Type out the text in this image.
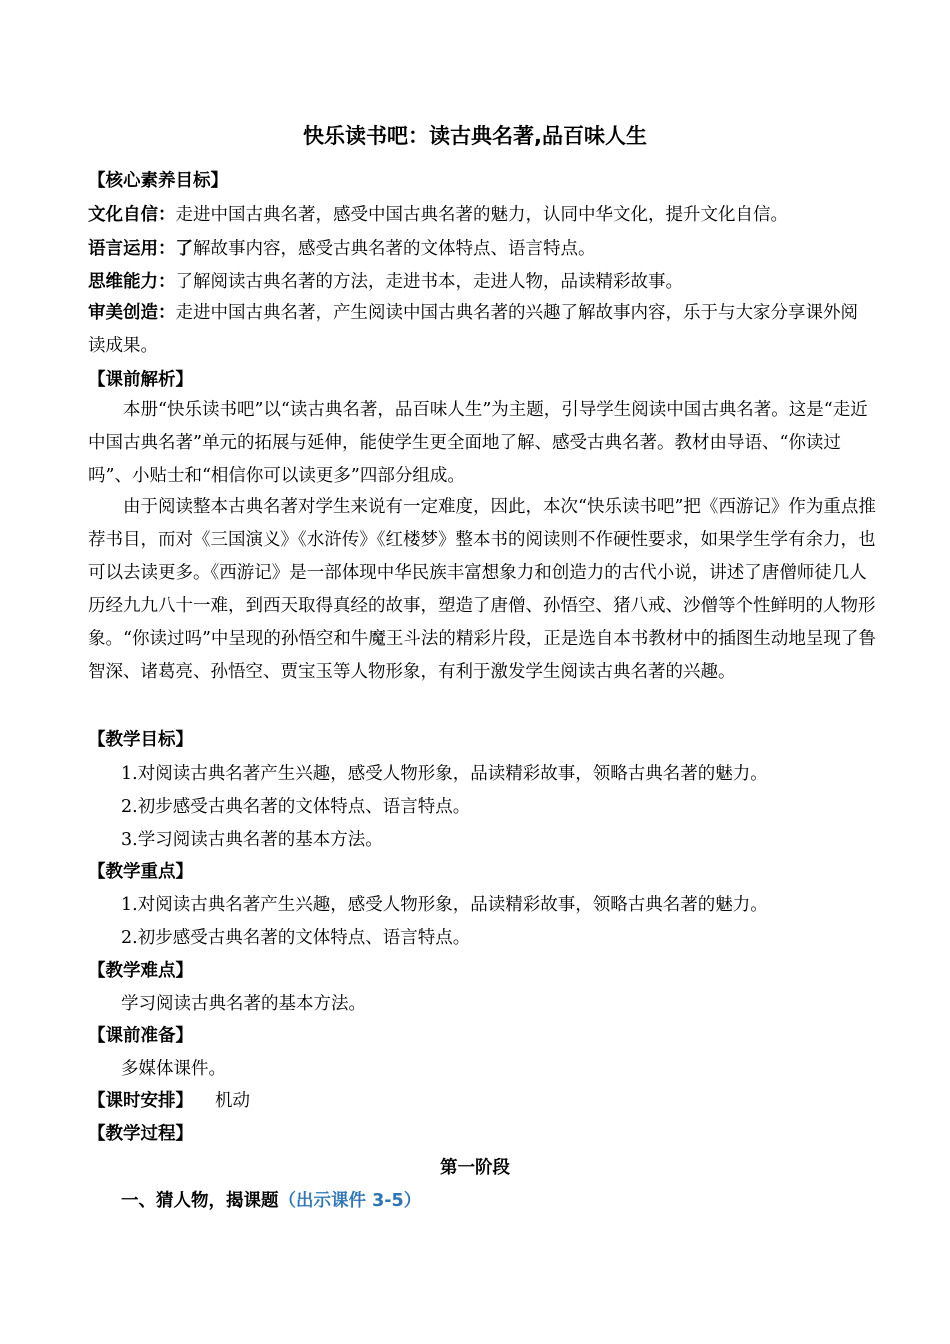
快乐读书吧：读古典名著,品百味人生
【核心素养目标】
文化自信：走进中国古典名著，感受中国古典名著的魅力，认同中华文化，提升文化自信。
语言运用：了解故事内容，感受古典名著的文体特点、语言特点。
思维能力：了解阅读古典名著的方法，走进书本，走进人物，品读精彩故事。
审美创造：走进中国古典名著，产生阅读中国古典名著的兴趣了解故事内容，乐于与大家分享课外阅读成果。
【课前解析】
本册“快乐读书吧”以“读古典名著，品百味人生”为主题，引导学生阅读中国古典名著。这是“走近中国古典名著”单元的拓展与延伸，能使学生更全面地了解、感受古典名著。教材由导语、“你读过吗”、小贴士和“相信你可以读更多”四部分组成。
由于阅读整本古典名著对学生来说有一定难度，因此，本次“快乐读书吧”把《西游记》作为重点推荐书目，而对《三国演义》《水浒传》《红楼梦》整本书的阅读则不作硬性要求，如果学生学有余力，也可以去读更多。《西游记》是一部体现中华民族丰富想象力和创造力的古代小说，讲述了唐僧师徒几人历经九九八十一难，到西天取得真经的故事，塑造了唐僧、孙悟空、猪八戒、沙僧等个性鲜明的人物形象。“你读过吗”中呈现的孙悟空和牛魔王斗法的精彩片段，正是选自本书教材中的插图生动地呈现了鲁智深、诸葛亮、孙悟空、贾宝玉等人物形象，有利于激发学生阅读古典名著的兴趣。
【教学目标】
1.对阅读古典名著产生兴趣，感受人物形象，品读精彩故事，领略古典名著的魅力。
2.初步感受古典名著的文体特点、语言特点。
3.学习阅读古典名著的基本方法。
【教学重点】
1.对阅读古典名著产生兴趣，感受人物形象，品读精彩故事，领略古典名著的魅力。
2.初步感受古典名著的文体特点、语言特点。
【教学难点】
学习阅读古典名著的基本方法。
【课前准备】
多媒体课件。
【课时安排】 机动
【教学过程】
第一阶段
一、猜人物，揭课题（出示课件 3-5）
